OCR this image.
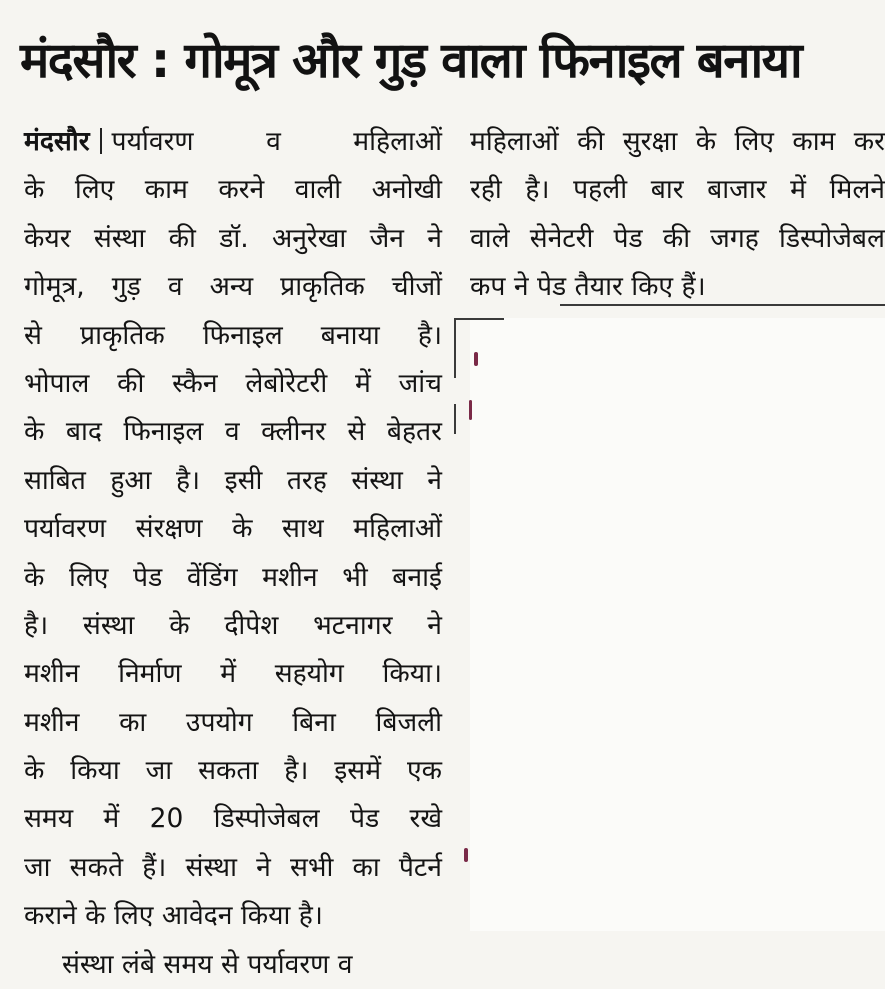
मंदसौर : गोमूत्र और गुड़ वाला फिनाइल बनाया
मंदसौर पर्यावरण व महिलाओं
के लिए काम करने वाली अनोखी
केयर संस्था की डॉ. अनुरेखा जैन ने
गोमूत्र, गुड़ व अन्य प्राकृतिक चीजों
से प्राकृतिक फिनाइल बनाया है।
भोपाल की स्कैन लेबोरेटरी में जांच
के बाद फिनाइल व क्लीनर से बेहतर
साबित हुआ है। इसी तरह संस्था ने
पर्यावरण संरक्षण के साथ महिलाओं
के लिए पेड वेंडिंग मशीन भी बनाई
है। संस्था के दीपेश भटनागर ने
मशीन निर्माण में सहयोग किया।
मशीन का उपयोग बिना बिजली
के किया जा सकता है। इसमें एक
समय में 20 डिस्पोजेबल पेड रखे
जा सकते हैं। संस्था ने सभी का पैटर्न
कराने के लिए आवेदन किया है।
संस्था लंबे समय से पर्यावरण व
महिलाओं की सुरक्षा के लिए काम कर
रही है। पहली बार बाजार में मिलने
वाले सेनेटरी पेड की जगह डिस्पोजेबल
कप ने पेड तैयार किए हैं।
